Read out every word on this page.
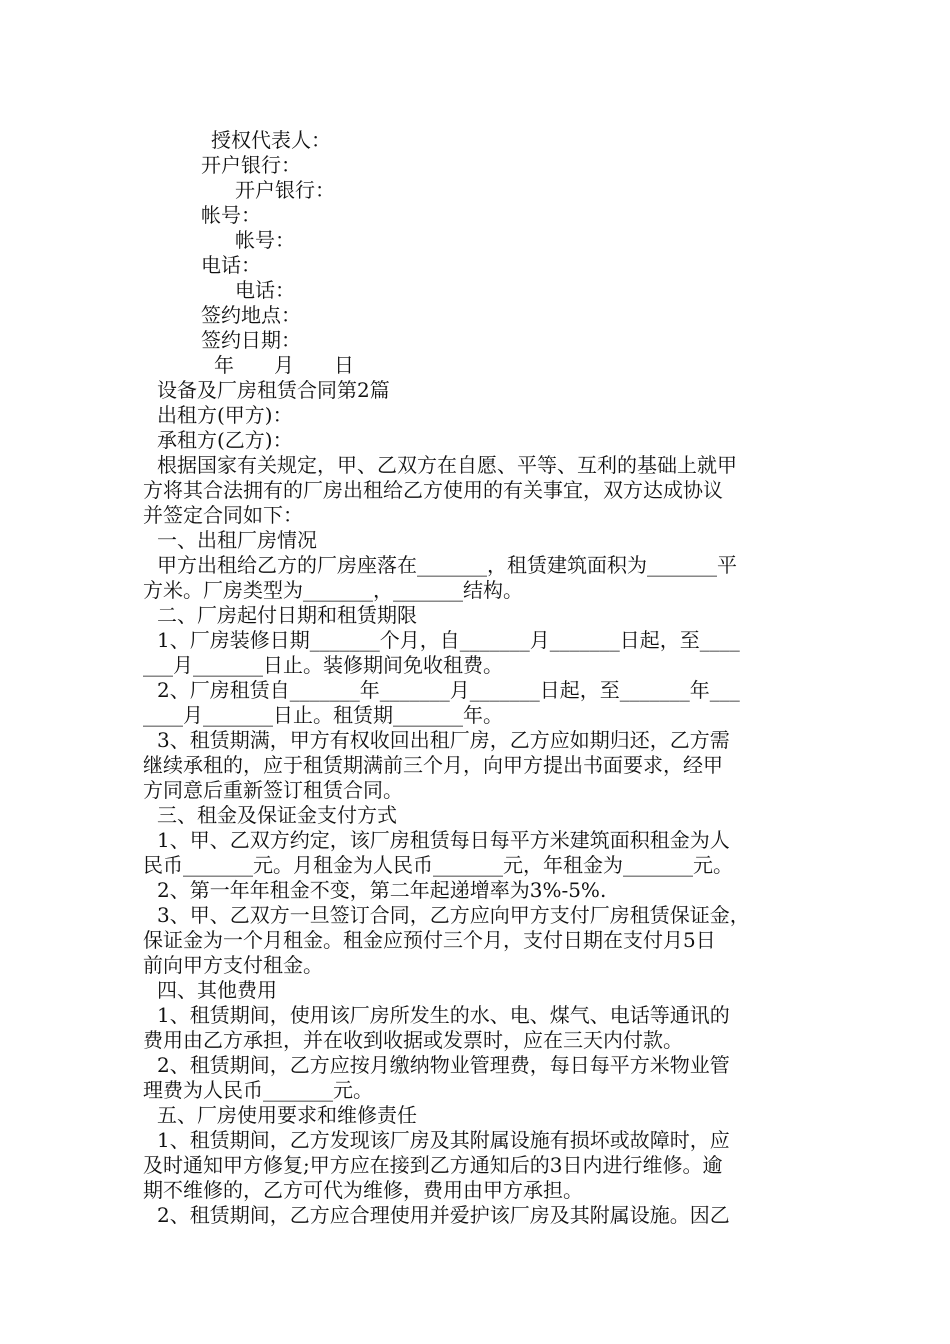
授权代表人：
开户银行：
开户银行：
帐号：
帐号：
电话：
电话：
签约地点：
签约日期：
年　　月　　日
设备及厂房租赁合同第2篇
出租方(甲方)：
承租方(乙方)：
根据国家有关规定，甲、乙双方在自愿、平等、互利的基础上就甲
方将其合法拥有的厂房出租给乙方使用的有关事宜，双方达成协议
并签定合同如下：
一、出租厂房情况
甲方出租给乙方的厂房座落在_______，租赁建筑面积为_______平
方米。厂房类型为_______，_______结构。
二、厂房起付日期和租赁期限
1、厂房装修日期_______个月，自_______月_______日起，至____
___月_______日止。装修期间免收租费。
2、厂房租赁自_______年_______月_______日起，至_______年___
____月_______日止。租赁期_______年。
3、租赁期满，甲方有权收回出租厂房，乙方应如期归还，乙方需
继续承租的，应于租赁期满前三个月，向甲方提出书面要求，经甲
方同意后重新签订租赁合同。
三、租金及保证金支付方式
1、甲、乙双方约定，该厂房租赁每日每平方米建筑面积租金为人
民币_______元。月租金为人民币_______元，年租金为_______元。
2、第一年年租金不变，第二年起递增率为3%-5%.
3、甲、乙双方一旦签订合同，乙方应向甲方支付厂房租赁保证金，
保证金为一个月租金。租金应预付三个月，支付日期在支付月5日
前向甲方支付租金。
四、其他费用
1、租赁期间，使用该厂房所发生的水、电、煤气、电话等通讯的
费用由乙方承担，并在收到收据或发票时，应在三天内付款。
2、租赁期间，乙方应按月缴纳物业管理费，每日每平方米物业管
理费为人民币_______元。
五、厂房使用要求和维修责任
1、租赁期间，乙方发现该厂房及其附属设施有损坏或故障时，应
及时通知甲方修复;甲方应在接到乙方通知后的3日内进行维修。逾
期不维修的，乙方可代为维修，费用由甲方承担。
2、租赁期间，乙方应合理使用并爱护该厂房及其附属设施。因乙
